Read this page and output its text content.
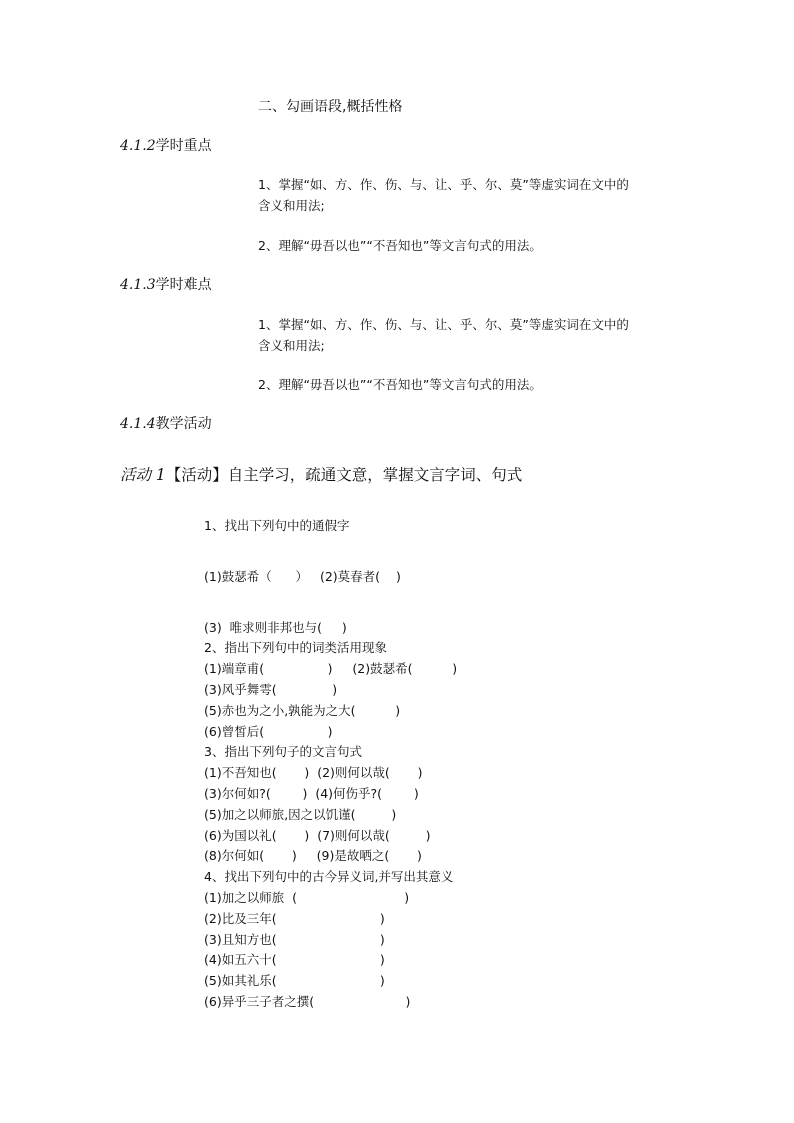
二、勾画语段,概括性格
4.1.2学时重点
1、掌握“如、方、作、伤、与、让、乎、尔、莫”等虚实词在文中的
含义和用法;
2、理解“毋吾以也”“不吾知也”等文言句式的用法。
4.1.3学时难点
1、掌握“如、方、作、伤、与、让、乎、尔、莫”等虚实词在文中的
含义和用法;
2、理解“毋吾以也”“不吾知也”等文言句式的用法。
4.1.4教学活动
活动 1【活动】自主学习，疏通文意，掌握文言字词、句式
1、找出下列句中的通假字
(1)鼓瑟希（      ）   (2)莫春者(    )
(3)  唯求则非邦也与(     )
2、指出下列句中的词类活用现象
(1)端章甫(                )     (2)鼓瑟希(          )
(3)风乎舞雩(              )
(5)赤也为之小,孰能为之大(          )
(6)曾皙后(                )
3、指出下列句子的文言句式
(1)不吾知也(       )  (2)则何以哉(       )
(3)尔何如?(        )  (4)何伤乎?(        )
(5)加之以师旅,因之以饥谨(         )
(6)为国以礼(       )  (7)则何以哉(         )
(8)尔何如(       )     (9)是故哂之(       )
4、找出下列句中的古今异义词,并写出其意义
(1)加之以师旅  (                           )
(2)比及三年(                          )
(3)且知方也(                          )
(4)如五六十(                          )
(5)如其礼乐(                          )
(6)异乎三子者之撰(                       )
